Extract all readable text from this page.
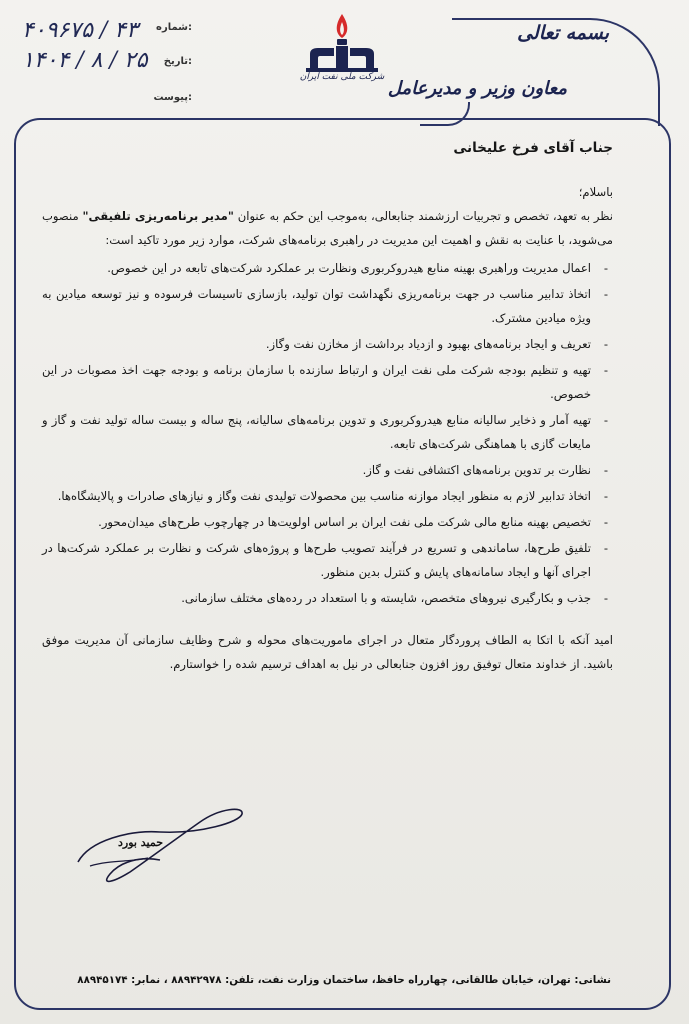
بسمه تعالی
معاون وزیر و مدیرعامل
شرکت ملی نفت ایران
شماره:
۴۰۹۶۷۵ / ۴۳
تاریخ:
۱۴۰۴ / ۸ / ۲۵
پیوست:
جناب آقای فرخ علیخانی

باسلام؛

نظر به تعهد، تخصص و تجربیات ارزشمند جنابعالی، به‌موجب این حکم به عنوان "مدیر برنامه‌ریزی تلفیقی" منصوب می‌شوید، با عنایت به نقش و اهمیت این مدیریت در راهبری برنامه‌های شرکت، موارد زیر مورد تاکید است:

-
اعمال مدیریت وراهبری بهینه منابع هیدروکربوری ونظارت بر عملکرد شرکت‌های تابعه در این خصوص.
-
اتخاذ تدابیر مناسب در جهت برنامه‌ریزی نگهداشت توان تولید، بازسازی تاسیسات فرسوده و نیز توسعه میادین به ویژه میادین مشترک.
-
تعریف و ایجاد برنامه‌های بهبود و ازدیاد برداشت از مخازن نفت وگاز.
-
تهیه و تنظیم بودجه شرکت ملی نفت ایران و ارتباط سازنده با سازمان برنامه و بودجه جهت اخذ مصوبات در این خصوص.
-
تهیه آمار و ذخایر سالیانه منابع هیدروکربوری و تدوین برنامه‌های سالیانه، پنج ساله و بیست ساله تولید نفت و گاز و مایعات گازی با هماهنگی شرکت‌های تابعه.
-
نظارت بر تدوین برنامه‌های اکتشافی نفت و گاز.
-
اتخاذ تدابیر لازم به منظور ایجاد موازنه مناسب بین محصولات تولیدی نفت وگاز و نیازهای صادرات و پالایشگاه‌ها.
-
تخصیص بهینه منابع مالی شرکت ملی نفت ایران بر اساس اولویت‌ها در چهارچوب طرح‌های میدان‌محور.
-
تلفیق طرح‌ها، ساماندهی و تسریع در فرآیند تصویب طرح‌ها و پروژه‌های شرکت و نظارت بر عملکرد شرکت‌ها در اجرای آنها و ایجاد سامانه‌های پایش و کنترل بدین منظور.
-
جذب و بکارگیری نیروهای متخصص، شایسته و با استعداد در رده‌های مختلف سازمانی.

امید آنکه با اتکا به الطاف پروردگار متعال در اجرای ماموریت‌های محوله و شرح وظایف سازمانی آن مدیریت موفق باشید. از خداوند متعال توفیق روز افزون جنابعالی در نیل به اهداف ترسیم شده را خواستارم.

حمید بورد
نشانی: تهران، خیابان طالقانی، چهارراه حافظ، ساختمان وزارت نفت، تلفن: ۸۸۹۴۲۹۷۸ ، نمابر: ۸۸۹۴۵۱۷۴
